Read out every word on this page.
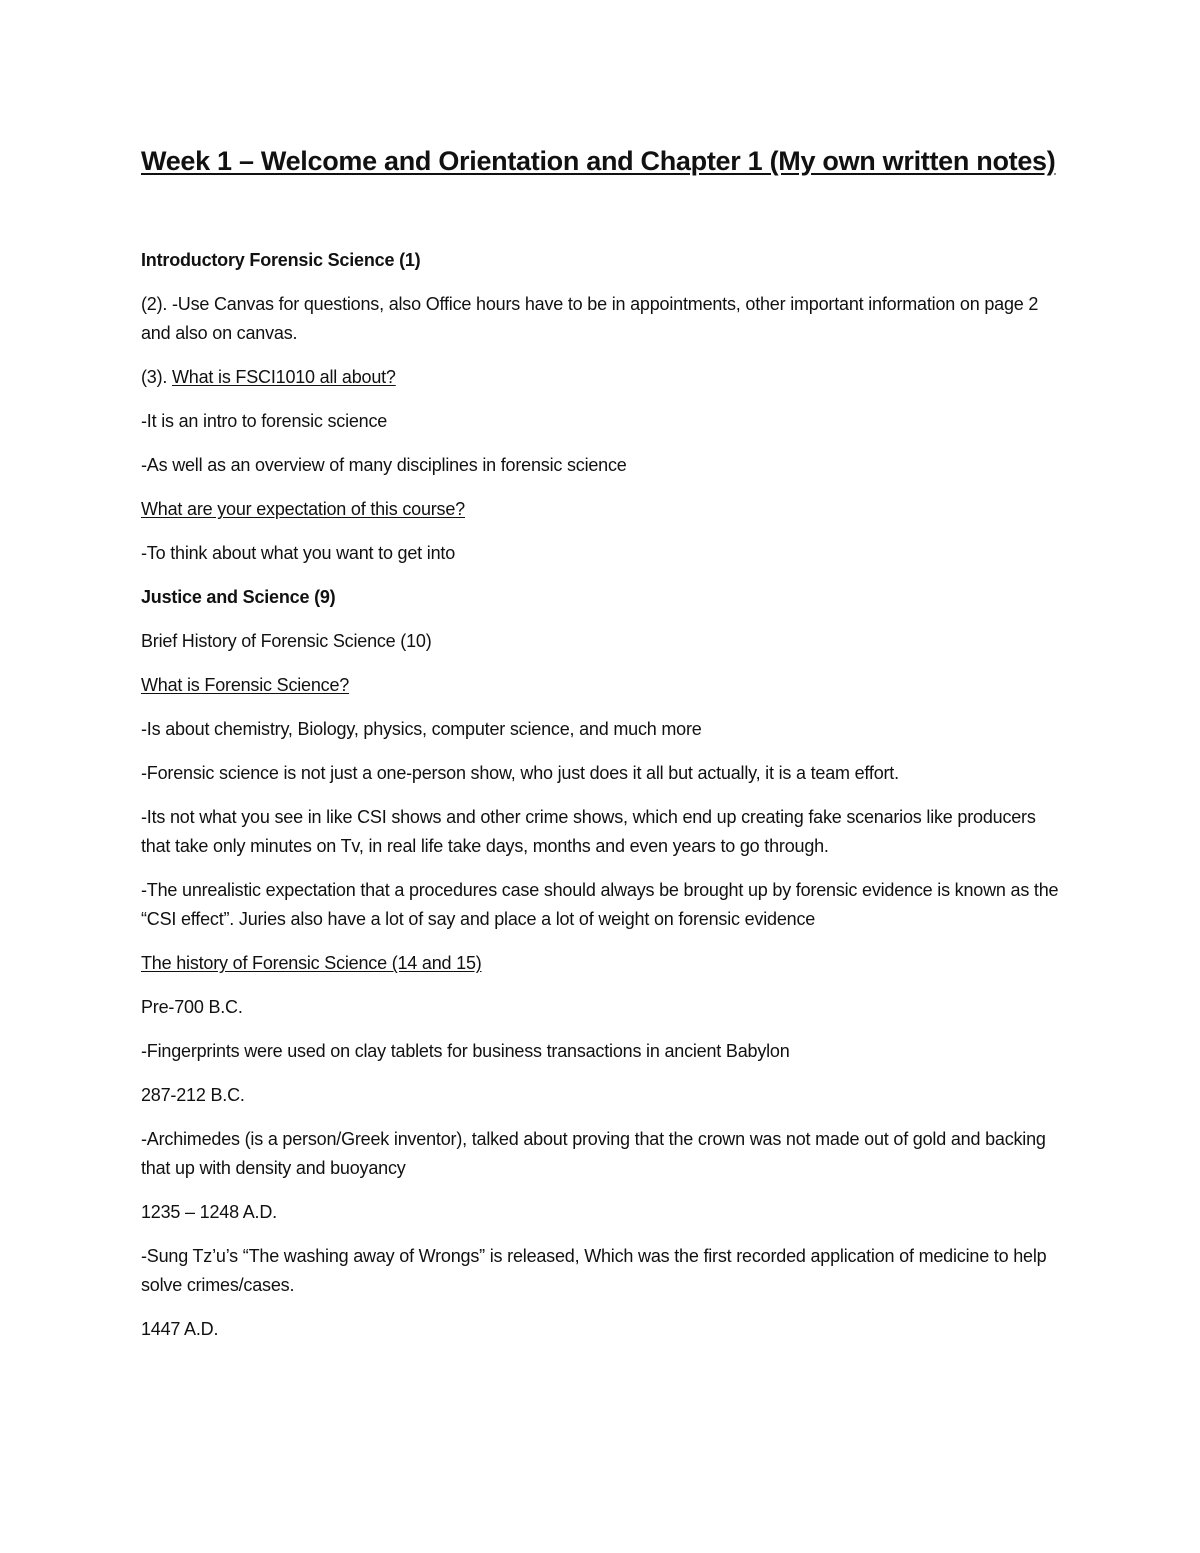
Week 1 – Welcome and Orientation and Chapter 1 (My own written notes)
Introductory Forensic Science (1)
(2). -Use Canvas for questions, also Office hours have to be in appointments, other important information on page 2 and also on canvas.
(3). What is FSCI1010 all about?
-It is an intro to forensic science
-As well as an overview of many disciplines in forensic science
What are your expectation of this course?
-To think about what you want to get into
Justice and Science (9)
Brief History of Forensic Science (10)
What is Forensic Science?
-Is about chemistry, Biology, physics, computer science, and much more
-Forensic science is not just a one-person show, who just does it all but actually, it is a team effort.
-Its not what you see in like CSI shows and other crime shows, which end up creating fake scenarios like producers that take only minutes on Tv, in real life take days, months and even years to go through.
-The unrealistic expectation that a procedures case should always be brought up by forensic evidence is known as the “CSI effect”. Juries also have a lot of say and place a lot of weight on forensic evidence
The history of Forensic Science (14 and 15)
Pre-700 B.C.
-Fingerprints were used on clay tablets for business transactions in ancient Babylon
287-212 B.C.
-Archimedes (is a person/Greek inventor), talked about proving that the crown was not made out of gold and backing that up with density and buoyancy
1235 – 1248 A.D.
-Sung Tz’u’s “The washing away of Wrongs” is released, Which was the first recorded application of medicine to help solve crimes/cases.
1447 A.D.
